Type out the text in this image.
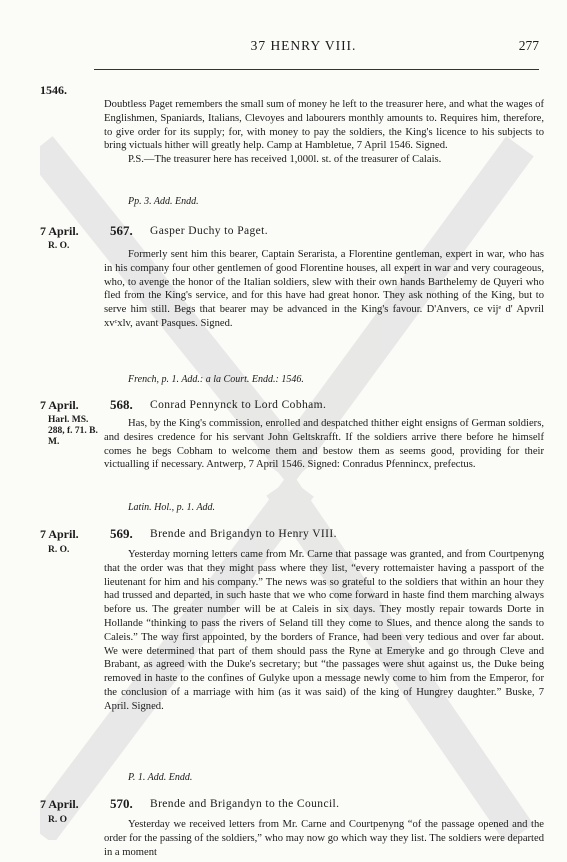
37 HENRY VIII.	277
1546.

Doubtless Paget remembers the small sum of money he left to the treasurer here, and what the wages of Englishmen, Spaniards, Italians, Clevoyes and labourers monthly amounts to. Requires him, therefore, to give order for its supply; for, with money to pay the soldiers, the King's licence to his subjects to bring victuals hither will greatly help. Camp at Hambletue, 7 April 1546. Signed.

P.S.—The treasurer here has received 1,000l. st. of the treasurer of Calais.

Pp. 3. Add. Endd.
7 April.
R. O.
567. Gasper Duchy to Paget.

Formerly sent him this bearer, Captain Serarista, a Florentine gentleman, expert in war, who has in his company four other gentlemen of good Florentine houses, all expert in war and very courageous, who, to avenge the honor of the Italian soldiers, slew with their own hands Barthelemy de Quyeri who fled from the King's service, and for this have had great honor. They ask nothing of the King, but to serve him still. Begs that bearer may be advanced in the King's favour. D'Anvers, ce vijᵉ d' Apvril xvᶜxlv, avant Pasques. Signed.

French, p. 1. Add.: a la Court. Endd.: 1546.
7 April.
Harl. MS. 288, f. 71. B. M.
568. Conrad Pennynck to Lord Cobham.

Has, by the King's commission, enrolled and despatched thither eight ensigns of German soldiers, and desires credence for his servant John Geltskrafft. If the soldiers arrive there before he himself comes he begs Cobham to welcome them and bestow them as seems good, providing for their victualling if necessary. Antwerp, 7 April 1546. Signed: Conradus Pfennincx, prefectus.

Latin. Hol., p. 1. Add.
7 April.
R. O.
569. Brende and Brigandyn to Henry VIII.

Yesterday morning letters came from Mr. Carne that passage was granted, and from Courtpenyng that the order was that they might pass where they list, “every rottemaister having a passport of the lieutenant for him and his company.” The news was so grateful to the soldiers that within an hour they had trussed and departed, in such haste that we who come forward in haste find them marching always before us. The greater number will be at Caleis in six days. They mostly repair towards Dorte in Hollande “thinking to pass the rivers of Seland till they come to Slues, and thence along the sands to Caleis.” The way first appointed, by the borders of France, had been very tedious and over far about. We were determined that part of them should pass the Ryne at Emeryke and go through Cleve and Brabant, as agreed with the Duke's secretary; but “the passages were shut against us, the Duke being removed in haste to the confines of Gulyke upon a message newly come to him from the Emperor, for the conclusion of a marriage with him (as it was said) of the king of Hungrey daughter.” Buske, 7 April. Signed.

P. 1. Add. Endd.
7 April.
R. O
570. Brende and Brigandyn to the Council.

Yesterday we received letters from Mr. Carne and Courtpenyng “of the passage opened and the order for the passing of the soldiers,” who may now go which way they list. The soldiers were departed in a moment
